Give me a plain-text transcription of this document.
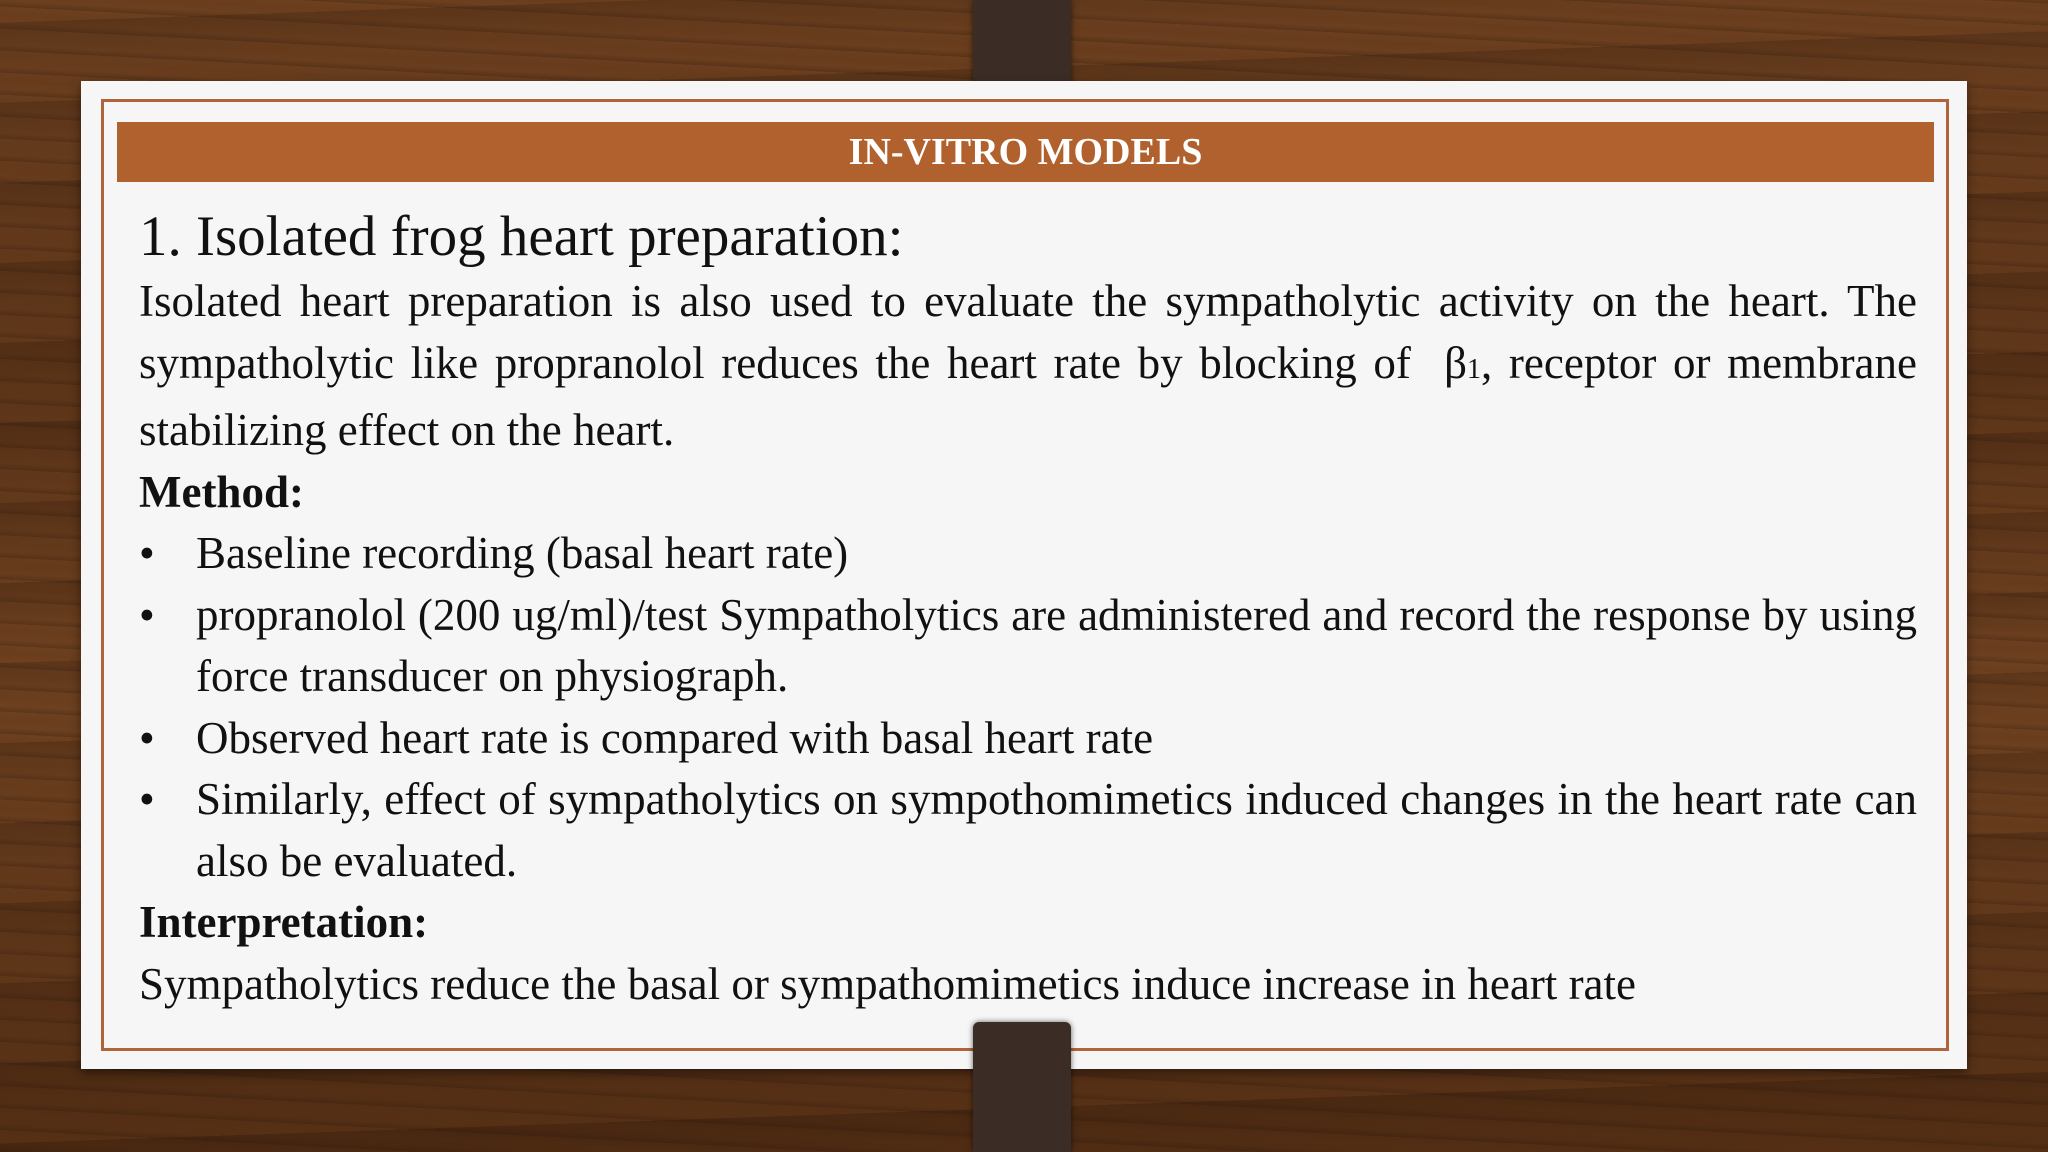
IN-VITRO MODELS
1. Isolated frog heart preparation:
Isolated heart preparation is also used to evaluate the sympatholytic activity on the heart. The sympatholytic like propranolol reduces the heart rate by blocking of β1, receptor or membrane stabilizing effect on the heart.
Method:
• Baseline recording (basal heart rate)
• propranolol (200 ug/ml)/test Sympatholytics are administered and record the response by using force transducer on physiograph.
• Observed heart rate is compared with basal heart rate
• Similarly, effect of sympatholytics on sympothomimetics induced changes in the heart rate can also be evaluated.
Interpretation:
Sympatholytics reduce the basal or sympathomimetics induce increase in heart rate
